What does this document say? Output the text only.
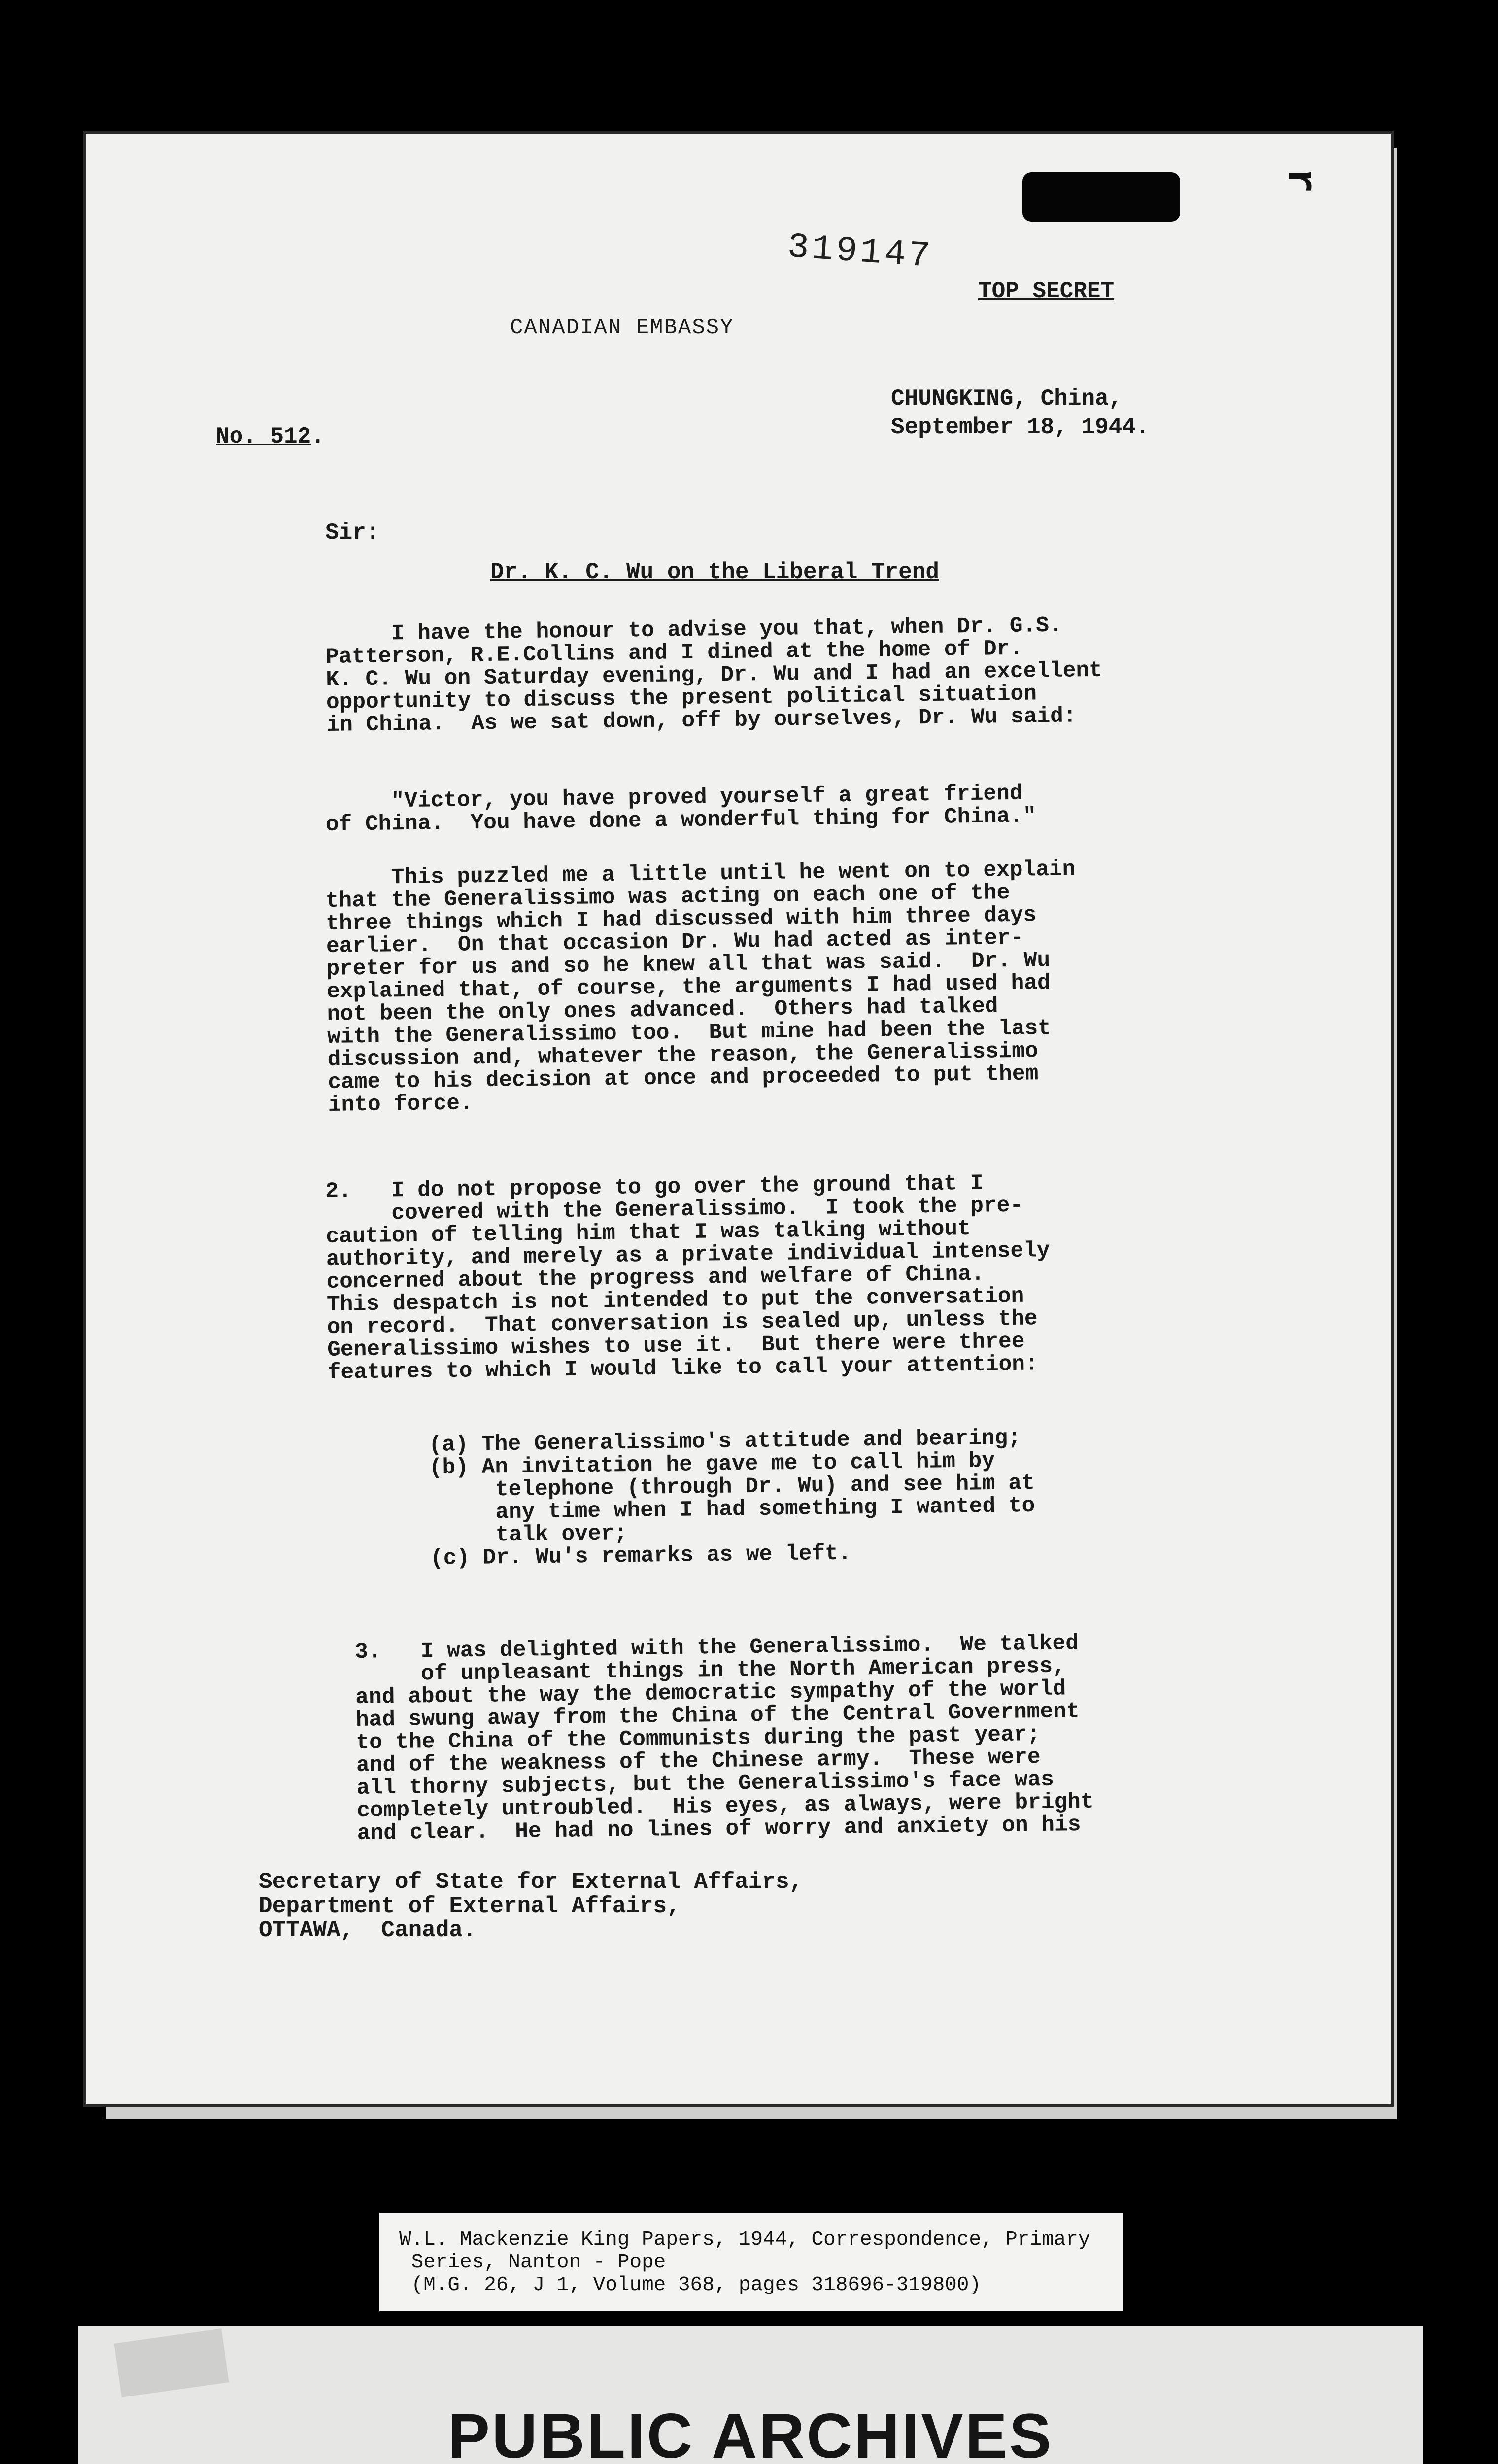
r
319147
TOP SECRET
CANADIAN EMBASSY
CHUNGKING, China,
September 18, 1944.
No. 512.
Sir:
Dr. K. C. Wu on the Liberal Trend
I have the honour to advise you that, when Dr. G.S.
Patterson, R.E.Collins and I dined at the home of Dr.
K. C. Wu on Saturday evening, Dr. Wu and I had an excellent
opportunity to discuss the present political situation
in China.  As we sat down, off by ourselves, Dr. Wu said:
"Victor, you have proved yourself a great friend
of China.  You have done a wonderful thing for China."
This puzzled me a little until he went on to explain
that the Generalissimo was acting on each one of the
three things which I had discussed with him three days
earlier.  On that occasion Dr. Wu had acted as inter-
preter for us and so he knew all that was said.  Dr. Wu
explained that, of course, the arguments I had used had
not been the only ones advanced.  Others had talked
with the Generalissimo too.  But mine had been the last
discussion and, whatever the reason, the Generalissimo
came to his decision at once and proceeded to put them
into force.
2.   I do not propose to go over the ground that I
covered with the Generalissimo.  I took the pre-
caution of telling him that I was talking without
authority, and merely as a private individual intensely
concerned about the progress and welfare of China.
This despatch is not intended to put the conversation
on record.  That conversation is sealed up, unless the
Generalissimo wishes to use it.  But there were three
features to which I would like to call your attention:
(a) The Generalissimo's attitude and bearing;
(b) An invitation he gave me to call him by
telephone (through Dr. Wu) and see him at
any time when I had something I wanted to
talk over;
(c) Dr. Wu's remarks as we left.
3.   I was delighted with the Generalissimo.  We talked
of unpleasant things in the North American press,
and about the way the democratic sympathy of the world
had swung away from the China of the Central Government
to the China of the Communists during the past year;
and of the weakness of the Chinese army.  These were
all thorny subjects, but the Generalissimo's face was
completely untroubled.  His eyes, as always, were bright
and clear.  He had no lines of worry and anxiety on his
Secretary of State for External Affairs,
Department of External Affairs,
OTTAWA,  Canada.
W.L. Mackenzie King Papers, 1944, Correspondence, Primary
Series, Nanton - Pope
(M.G. 26, J 1, Volume 368, pages 318696-319800)
PUBLIC ARCHIVES
